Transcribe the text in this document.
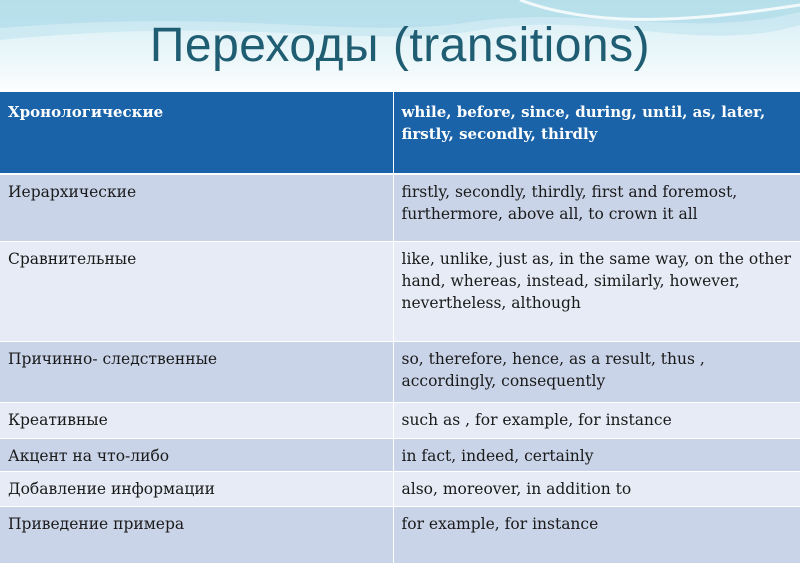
Переходы (transitions)
Хронологические	while, before, since, during, until, as, later, firstly, secondly, thirdly
Иерархические	firstly, secondly, thirdly, first and foremost, furthermore, above all, to crown it all
Сравнительные	like, unlike, just as, in the same way, on the other hand, whereas, instead, similarly, however, nevertheless, although
Причинно- следственные	so, therefore, hence, as a result, thus , accordingly, consequently
Креативные	such as , for example, for instance
Акцент на что-либо	in fact, indeed, certainly
Добавление информации	also, moreover, in addition to
Приведение примера	for example, for instance
